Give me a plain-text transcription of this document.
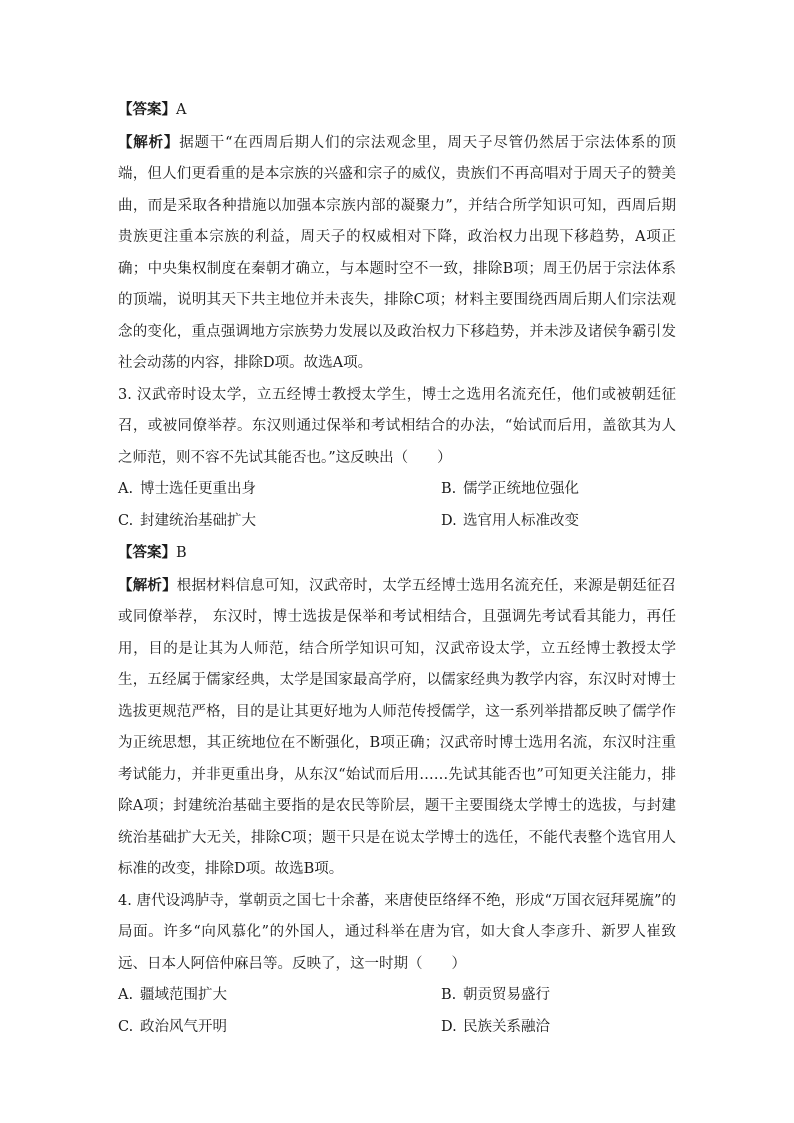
【答案】A

【解析】据题干“在西周后期人们的宗法观念里，周天子尽管仍然居于宗法体系的顶端，但人们更看重的是本宗族的兴盛和宗子的威仪，贵族们不再高唱对于周天子的赞美曲，而是采取各种措施以加强本宗族内部的凝聚力”，并结合所学知识可知，西周后期贵族更注重本宗族的利益，周天子的权威相对下降，政治权力出现下移趋势，A项正确；中央集权制度在秦朝才确立，与本题时空不一致，排除B项；周王仍居于宗法体系的顶端，说明其天下共主地位并未丧失，排除C项；材料主要围绕西周后期人们宗法观念的变化，重点强调地方宗族势力发展以及政治权力下移趋势，并未涉及诸侯争霸引发社会动荡的内容，排除D项。故选A项。

3. 汉武帝时设太学，立五经博士教授太学生，博士之选用名流充任，他们或被朝廷征召，或被同僚举荐。东汉则通过保举和考试相结合的办法，“始试而后用，盖欲其为人之师范，则不容不先试其能否也。”这反映出（　　）

A. 博士选任更重出身	B. 儒学正统地位强化
C. 封建统治基础扩大	D. 选官用人标准改变

【答案】B

【解析】根据材料信息可知，汉武帝时，太学五经博士选用名流充任，来源是朝廷征召或同僚举荐， 东汉时，博士选拔是保举和考试相结合，且强调先考试看其能力，再任用，目的是让其为人师范，结合所学知识可知，汉武帝设太学，立五经博士教授太学生，五经属于儒家经典，太学是国家最高学府，以儒家经典为教学内容，东汉时对博士选拔更规范严格，目的是让其更好地为人师范传授儒学，这一系列举措都反映了儒学作为正统思想，其正统地位在不断强化，B项正确；汉武帝时博士选用名流，东汉时注重考试能力，并非更重出身，从东汉“始试而后用……先试其能否也”可知更关注能力，排除A项；封建统治基础主要指的是农民等阶层，题干主要围绕太学博士的选拔，与封建统治基础扩大无关，排除C项；题干只是在说太学博士的选任，不能代表整个选官用人标准的改变，排除D项。故选B项。

4. 唐代设鸿胪寺，掌朝贡之国七十余蕃，来唐使臣络绎不绝，形成“万国衣冠拜冕旒”的局面。许多“向风慕化”的外国人，通过科举在唐为官，如大食人李彦升、新罗人崔致远、日本人阿倍仲麻吕等。反映了，这一时期（　　）

A. 疆域范围扩大	B. 朝贡贸易盛行
C. 政治风气开明	D. 民族关系融洽
